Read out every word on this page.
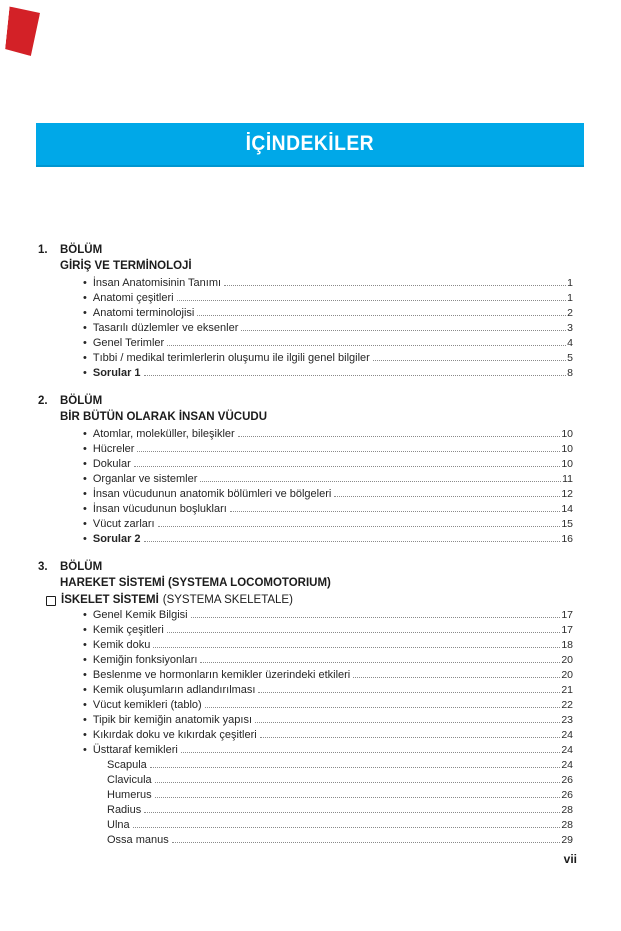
İÇİNDEKİLER
1.	BÖLÜM
GİRİŞ VE TERMİNOLOJİ
• İnsan Anatomisinin Tanımı	1
• Anatomi çeşitleri	1
• Anatomi terminolojisi	2
• Tasarılı düzlemler ve eksenler	3
• Genel Terimler	4
• Tıbbi / medikal terimlerlerin oluşumu ile ilgili genel bilgiler	5
• Sorular 1	8
2.	BÖLÜM
BİR BÜTÜN OLARAK İNSAN VÜCUDU
• Atomlar, moleküller, bileşikler	10
• Hücreler	10
• Dokular	10
• Organlar ve sistemler	11
• İnsan vücudunun anatomik bölümleri ve bölgeleri	12
• İnsan vücudunun boşlukları	14
• Vücut zarları	15
• Sorular 2	16
3.	BÖLÜM
HAREKET SİSTEMİ (SYSTEMA LOCOMOTORIUM)
İSKELET SİSTEMİ (SYSTEMA SKELETALE)
• Genel Kemik Bilgisi	17
• Kemik çeşitleri	17
• Kemik doku	18
• Kemiğin fonksiyonları	20
• Beslenme ve hormonların kemikler üzerindeki etkileri	20
• Kemik oluşumların adlandırılması	21
• Vücut kemikleri (tablo)	22
• Tipik bir kemiğin anatomik yapısı	23
• Kıkırdak doku ve kıkırdak çeşitleri	24
• Üsttaraf kemikleri	24
Scapula	24
Clavicula	26
Humerus	26
Radius	28
Ulna	28
Ossa manus	29
vii
